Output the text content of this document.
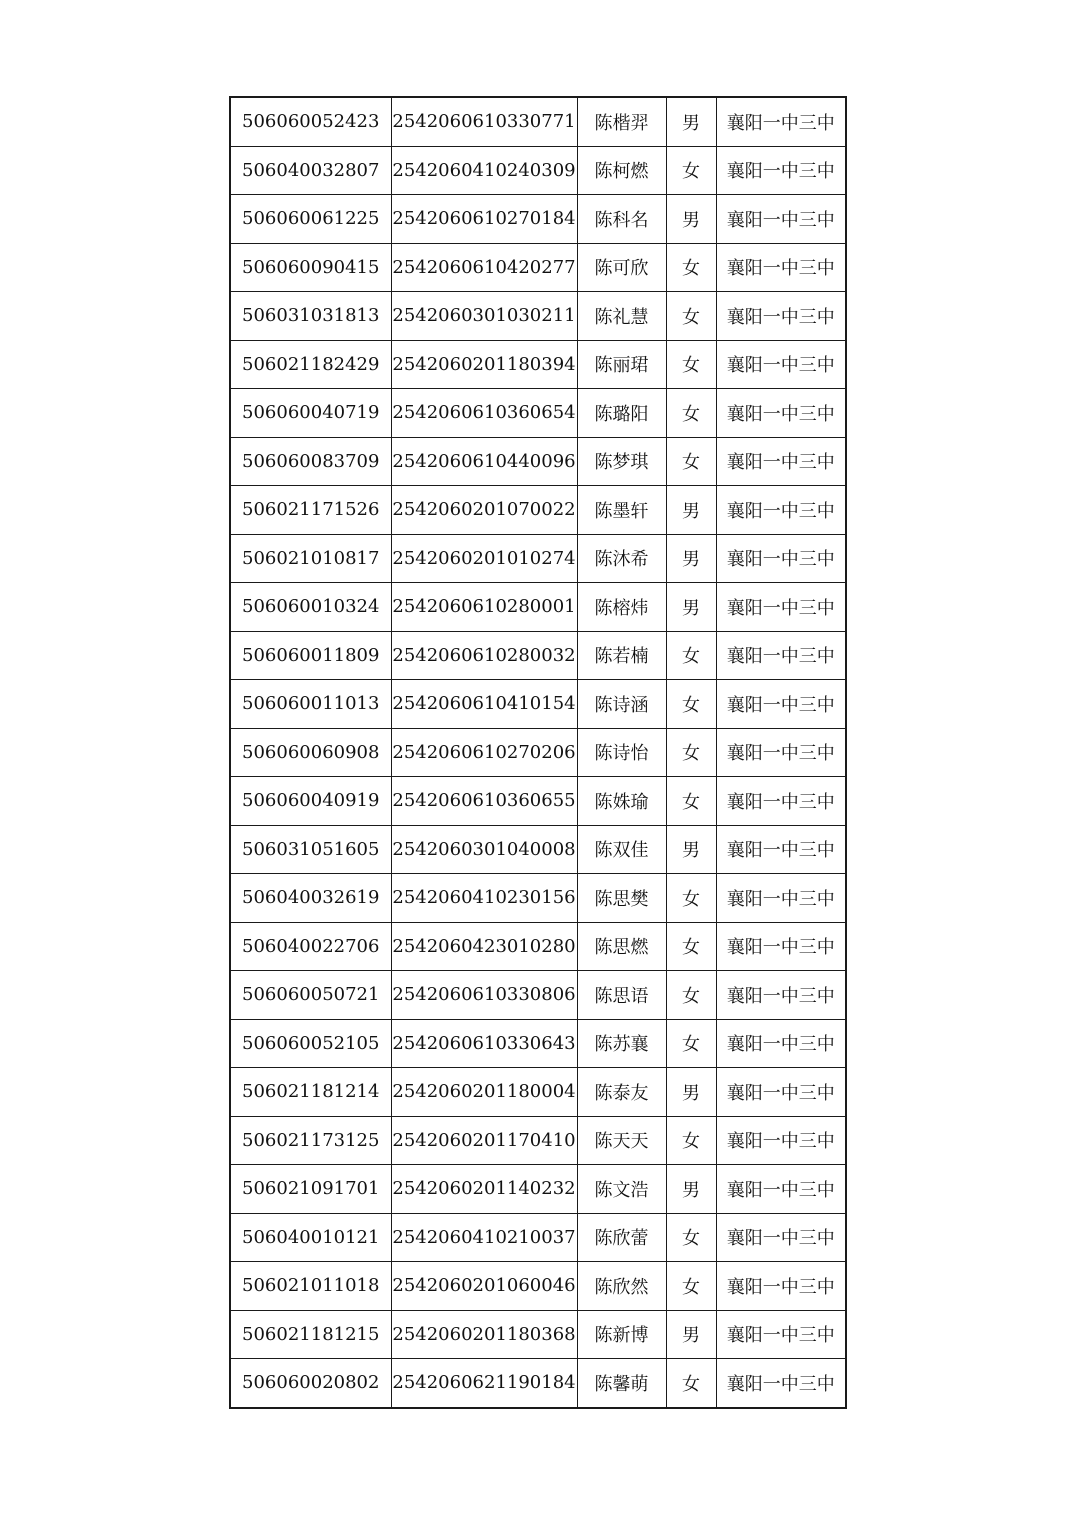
506060052423	2542060610330771	陈楷羿	男	襄阳一中三中
506040032807	2542060410240309	陈柯燃	女	襄阳一中三中
506060061225	2542060610270184	陈科名	男	襄阳一中三中
506060090415	2542060610420277	陈可欣	女	襄阳一中三中
506031031813	2542060301030211	陈礼慧	女	襄阳一中三中
506021182429	2542060201180394	陈丽珺	女	襄阳一中三中
506060040719	2542060610360654	陈璐阳	女	襄阳一中三中
506060083709	2542060610440096	陈梦琪	女	襄阳一中三中
506021171526	2542060201070022	陈墨轩	男	襄阳一中三中
506021010817	2542060201010274	陈沐希	男	襄阳一中三中
506060010324	2542060610280001	陈榕炜	男	襄阳一中三中
506060011809	2542060610280032	陈若楠	女	襄阳一中三中
506060011013	2542060610410154	陈诗涵	女	襄阳一中三中
506060060908	2542060610270206	陈诗怡	女	襄阳一中三中
506060040919	2542060610360655	陈姝瑜	女	襄阳一中三中
506031051605	2542060301040008	陈双佳	男	襄阳一中三中
506040032619	2542060410230156	陈思樊	女	襄阳一中三中
506040022706	2542060423010280	陈思燃	女	襄阳一中三中
506060050721	2542060610330806	陈思语	女	襄阳一中三中
506060052105	2542060610330643	陈苏襄	女	襄阳一中三中
506021181214	2542060201180004	陈泰友	男	襄阳一中三中
506021173125	2542060201170410	陈天天	女	襄阳一中三中
506021091701	2542060201140232	陈文浩	男	襄阳一中三中
506040010121	2542060410210037	陈欣蕾	女	襄阳一中三中
506021011018	2542060201060046	陈欣然	女	襄阳一中三中
506021181215	2542060201180368	陈新博	男	襄阳一中三中
506060020802	2542060621190184	陈馨萌	女	襄阳一中三中
